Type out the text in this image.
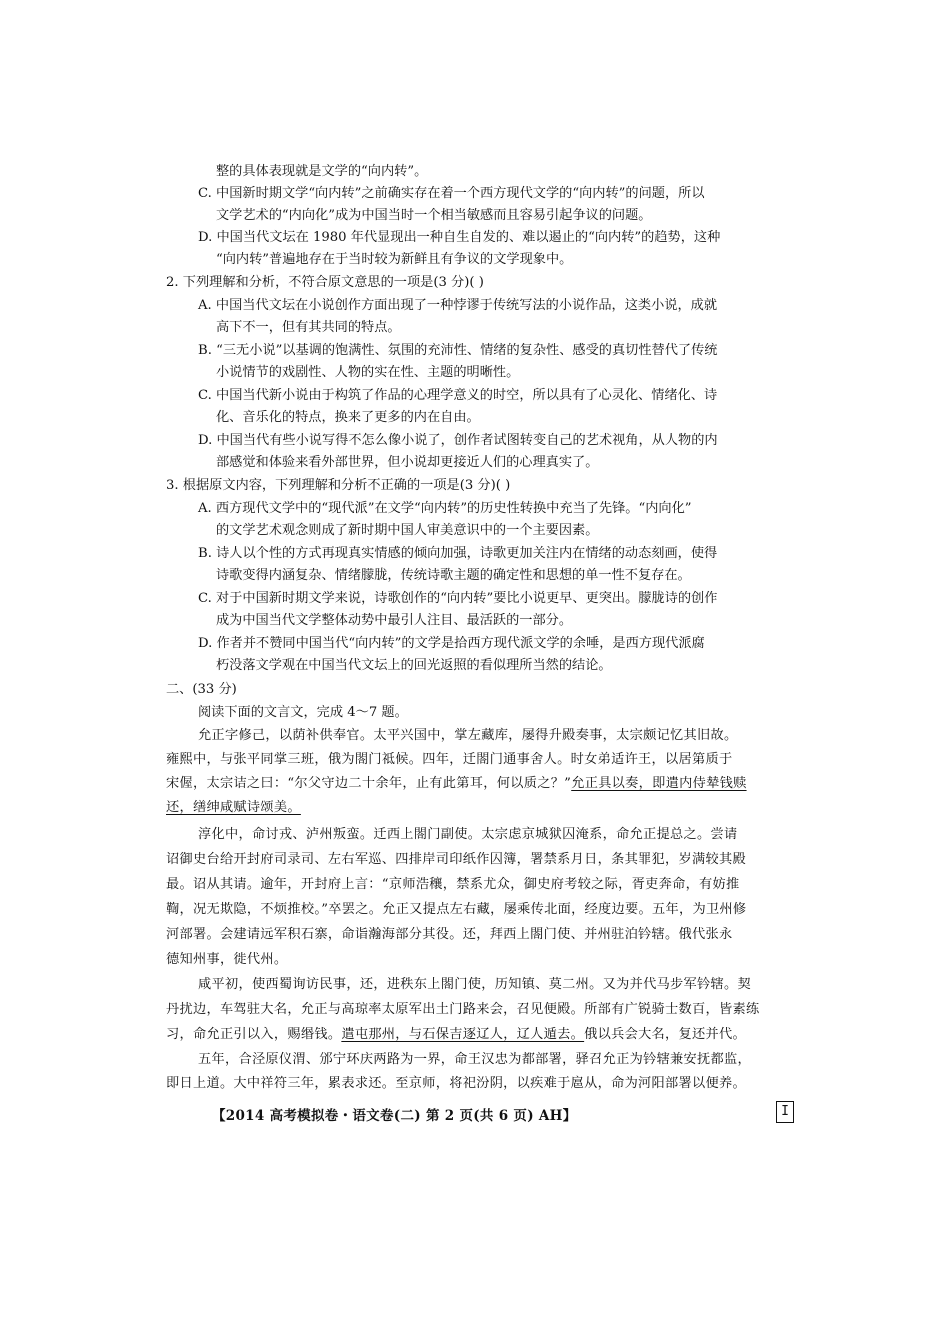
整的具体表现就是文学的“向内转”。
C. 中国新时期文学“向内转”之前确实存在着一个西方现代文学的“向内转”的问题，所以
文学艺术的“内向化”成为中国当时一个相当敏感而且容易引起争议的问题。
D. 中国当代文坛在 1980 年代显现出一种自生自发的、难以遏止的“向内转”的趋势，这种
“向内转”普遍地存在于当时较为新鲜且有争议的文学现象中。
2. 下列理解和分析，不符合原文意思的一项是(3 分)( )
A. 中国当代文坛在小说创作方面出现了一种悖谬于传统写法的小说作品，这类小说，成就
高下不一，但有其共同的特点。
B. “三无小说”以基调的饱满性、氛围的充沛性、情绪的复杂性、感受的真切性替代了传统
小说情节的戏剧性、人物的实在性、主题的明晰性。
C. 中国当代新小说由于构筑了作品的心理学意义的时空，所以具有了心灵化、情绪化、诗
化、音乐化的特点，换来了更多的内在自由。
D. 中国当代有些小说写得不怎么像小说了，创作者试图转变自己的艺术视角，从人物的内
部感觉和体验来看外部世界，但小说却更接近人们的心理真实了。
3. 根据原文内容，下列理解和分析不正确的一项是(3 分)( )
A. 西方现代文学中的“现代派”在文学“向内转”的历史性转换中充当了先锋。“内向化”
的文学艺术观念则成了新时期中国人审美意识中的一个主要因素。
B. 诗人以个性的方式再现真实情感的倾向加强，诗歌更加关注内在情绪的动态刻画，使得
诗歌变得内涵复杂、情绪朦胧，传统诗歌主题的确定性和思想的单一性不复存在。
C. 对于中国新时期文学来说，诗歌创作的“向内转”要比小说更早、更突出。朦胧诗的创作
成为中国当代文学整体动势中最引人注目、最活跃的一部分。
D. 作者并不赞同中国当代“向内转”的文学是拾西方现代派文学的余唾，是西方现代派腐
朽没落文学观在中国当代文坛上的回光返照的看似理所当然的结论。
二、(33 分)
阅读下面的文言文，完成 4～7 题。
允正字修己，以荫补供奉官。太平兴国中，掌左藏库，屡得升殿奏事，太宗颇记忆其旧故。
雍熙中，与张平同掌三班，俄为閤门祗候。四年，迁閤门通事舍人。时女弟适许王，以居第质于
宋偓，太宗诘之曰：“尔父守边二十余年，止有此第耳，何以质之？”允正具以奏，即遣内侍辇钱赎
还，缮绅咸赋诗颂美。
淳化中，命讨戎、泸州叛蛮。迁西上閤门副使。太宗虑京城狱囚淹系，命允正提总之。尝请
诏御史台给开封府司录司、左右军巡、四排岸司印纸作囚簿，署禁系月日，条其罪犯，岁满较其殿
最。诏从其请。逾年，开封府上言：“京师浩穰，禁系尤众，御史府考较之际，胥吏奔命，有妨推
鞫，况无欺隐，不烦推校。”卒罢之。允正又提点左右藏，屡乘传北面，经度边要。五年，为卫州修
河部署。会建请远军积石寨，命诣瀚海部分其役。还，拜西上閤门使、并州驻泊钤辖。俄代张永
德知州事，徙代州。
咸平初，使西蜀询访民事，还，进秩东上閤门使，历知镇、莫二州。又为并代马步军钤辖。契
丹扰边，车驾驻大名，允正与高琼率太原军出土门路来会，召见便殿。所部有广锐骑士数百，皆素练
习，命允正引以入，赐缗钱。遣屯那州，与石保吉逐辽人，辽人遁去。俄以兵会大名，复还并代。
五年，合泾原仪渭、邠宁环庆两路为一界，命王汉忠为都部署，驿召允正为钤辖兼安抚都监，
即日上道。大中祥符三年，累表求还。至京师，将祀汾阴，以疾难于扈从，命为河阳部署以便养。
【2014 高考模拟卷・语文卷(二) 第 2 页(共 6 页) AH】	I
